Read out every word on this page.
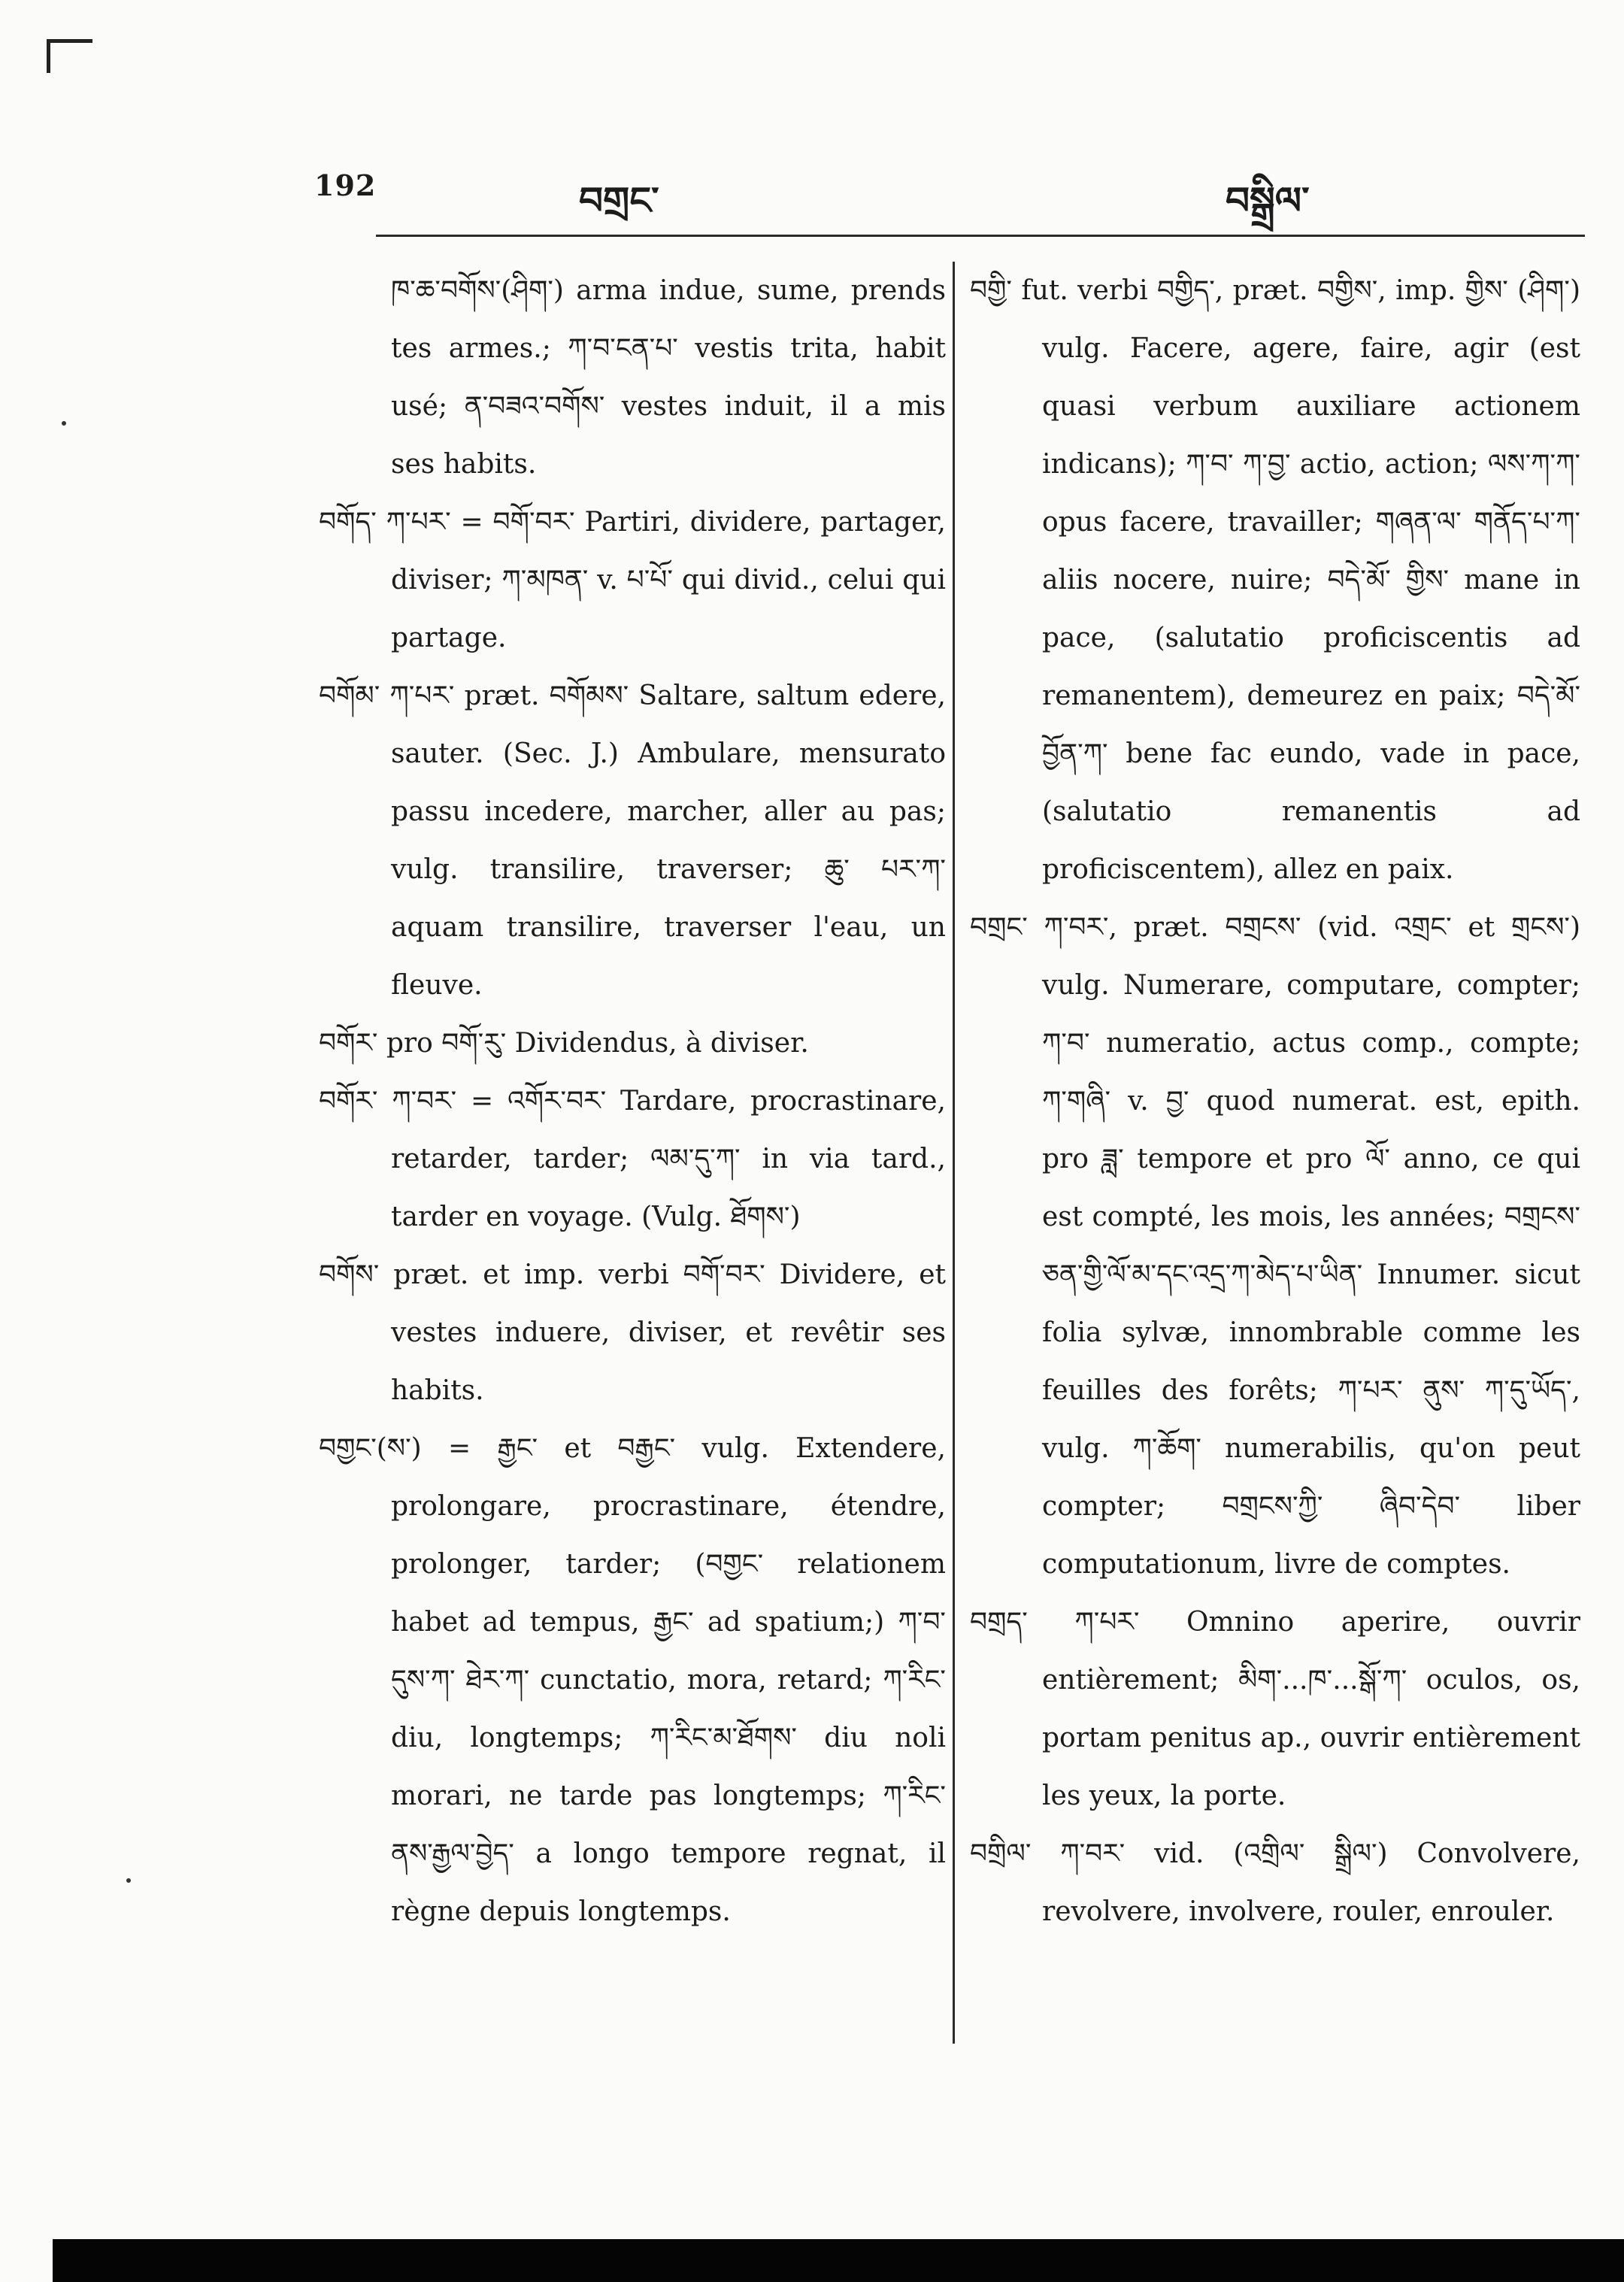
192	བགྲང་	བསྒྲིལ་

ཁ་ཆ་བགོས་(ཤིག་) arma indue, sume, prends tes armes.; ཀ་བ་ངན་པ་ vestis trita, habit usé; ན་བཟའ་བགོས་ vestes induit, il a mis ses habits.

བགོད་ ཀ་པར་ = བགོ་བར་ Partiri, dividere, partager, diviser; ཀ་མཁན་ v. པ་པོ་ qui divid., celui qui partage.

བགོམ་ ཀ་པར་ præt. བགོམས་ Saltare, saltum edere, sauter. (Sec. J.) Ambulare, mensurato passu incedere, marcher, aller au pas; vulg. transilire, traverser; ཆུ་ པར་ཀ་ aquam transilire, traverser l'eau, un fleuve.

བགོར་ pro བགོ་རུ་ Dividendus, à diviser.

བགོར་ ཀ་བར་ = འགོར་བར་ Tardare, procrastinare, retarder, tarder; ལམ་དུ་ཀ་ in via tard., tarder en voyage. (Vulg. ཐོགས་)

བགོས་ præt. et imp. verbi བགོ་བར་ Dividere, et vestes induere, diviser, et revêtir ses habits.

བགྱང་(ས་) = རྒྱང་ et བརྒྱང་ vulg. Extendere, prolongare, procrastinare, étendre, prolonger, tarder; (བགྱང་ relationem habet ad tempus, རྒྱང་ ad spatium;) ཀ་བ་ དུས་ཀ་ ཐེར་ཀ་ cunctatio, mora, retard; ཀ་རིང་ diu, longtemps; ཀ་རིང་མ་ཐོགས་ diu noli morari, ne tarde pas longtemps; ཀ་རིང་ནས་རྒྱལ་བྱེད་ a longo tempore regnat, il règne depuis longtemps.

བགྱི་ fut. verbi བགྱིད་, præt. བགྱིས་, imp. གྱིས་ (ཤིག་) vulg. Facere, agere, faire, agir (est quasi verbum auxiliare actionem indicans); ཀ་བ་ ཀ་བྱ་ actio, action; ལས་ཀ་ཀ་ opus facere, travailler; གཞན་ལ་ གནོད་པ་ཀ་ aliis nocere, nuire; བདེ་མོ་ གྱིས་ mane in pace, (salutatio proficiscentis ad remanentem), demeurez en paix; བདེ་མོ་བྱོན་ཀ་ bene fac eundo, vade in pace, (salutatio remanentis ad proficiscentem), allez en paix.

བགྲང་ ཀ་བར་, præt. བགྲངས་ (vid. འགྲང་ et གྲངས་) vulg. Numerare, computare, compter; ཀ་བ་ numeratio, actus comp., compte; ཀ་གཞི་ v. བྱ་ quod numerat. est, epith. pro ཟླ་ tempore et pro ལོ་ anno, ce qui est compté, les mois, les années; བགྲངས་ཅན་གྱི་ལོ་མ་དང་འདྲ་ཀ་མེད་པ་ཡིན་ Innumer. sicut folia sylvæ, innombrable comme les feuilles des forêts; ཀ་པར་ ནུས་ ཀ་དུ་ཡོད་, vulg. ཀ་ཆོག་ numerabilis, qu'on peut compter; བགྲངས་ཀྱི་ ཞིབ་དེབ་ liber computationum, livre de comptes.

བགྲད་ ཀ་པར་ Omnino aperire, ouvrir entièrement; མིག་...ཁ་...སྒོ་ཀ་ oculos, os, portam penitus ap., ouvrir entièrement les yeux, la porte.

བགྲིལ་ ཀ་བར་ vid. (འགྲིལ་ སྒྲིལ་) Convolvere, revolvere, involvere, rouler, enrouler.
